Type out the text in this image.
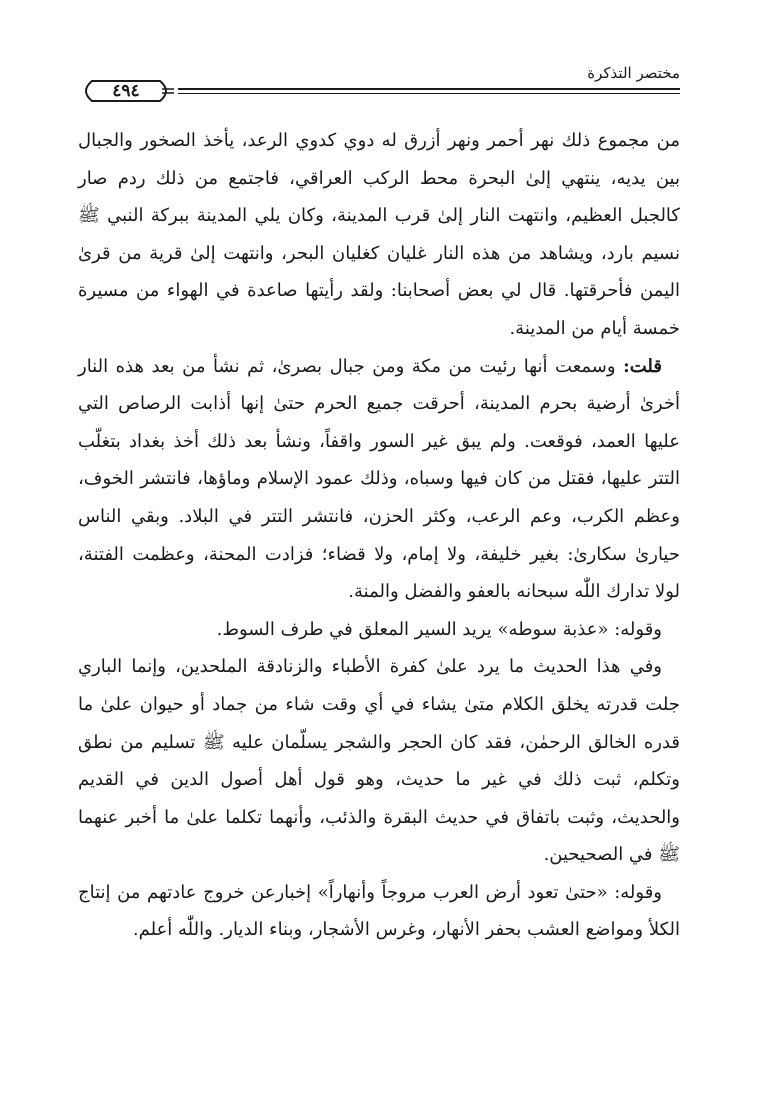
مختصر التذكرة
٤٩٤

من مجموع ذلك نهر أحمر ونهر أزرق له دوي كدوي الرعد، يأخذ الصخور والجبال بين يديه، ينتهي إلىٰ البحرة محط الركب العراقي، فاجتمع من ذلك ردم صار كالجبل العظيم، وانتهت النار إلىٰ قرب المدينة، وكان يلي المدينة ببركة النبي ﷺ نسيم بارد، ويشاهد من هذه النار غليان كغليان البحر، وانتهت إلىٰ قرية من قرىٰ اليمن فأحرقتها. قال لي بعض أصحابنا: ولقد رأيتها صاعدة في الهواء من مسيرة خمسة أيام من المدينة.

قلت: وسمعت أنها رئيت من مكة ومن جبال بصرىٰ، ثم نشأ من بعد هذه النار أخرىٰ أرضية بحرم المدينة، أحرقت جميع الحرم حتىٰ إنها أذابت الرصاص التي عليها العمد، فوقعت. ولم يبق غير السور واقفاً، ونشأ بعد ذلك أخذ بغداد بتغلّب التتر عليها، فقتل من كان فيها وسباه، وذلك عمود الإسلام وماؤها، فانتشر الخوف، وعظم الكرب، وعم الرعب، وكثر الحزن، فانتشر التتر في البلاد. وبقي الناس حيارىٰ سكارىٰ: بغير خليفة، ولا إمام، ولا قضاء؛ فزادت المحنة، وعظمت الفتنة، لولا تدارك اللّٰه سبحانه بالعفو والفضل والمنة.

وقوله: «عذبة سوطه» يريد السير المعلق في طرف السوط.

وفي هذا الحديث ما يرد علىٰ كفرة الأطباء والزنادقة الملحدين، وإنما الباري جلت قدرته يخلق الكلام متىٰ يشاء في أي وقت شاء من جماد أو حيوان علىٰ ما قدره الخالق الرحمٰن، فقد كان الحجر والشجر يسلّمان عليه ﷺ تسليم من نطق وتكلم، ثبت ذلك في غير ما حديث، وهو قول أهل أصول الدين في القديم والحديث، وثبت باتفاق في حديث البقرة والذئب، وأنهما تكلما علىٰ ما أخبر عنهما ﷺ في الصحيحين.

وقوله: «حتىٰ تعود أرض العرب مروجاً وأنهاراً» إخبارعن خروج عادتهم من إنتاج الكلأ ومواضع العشب بحفر الأنهار، وغرس الأشجار، وبناء الديار. واللّٰه أعلم.
